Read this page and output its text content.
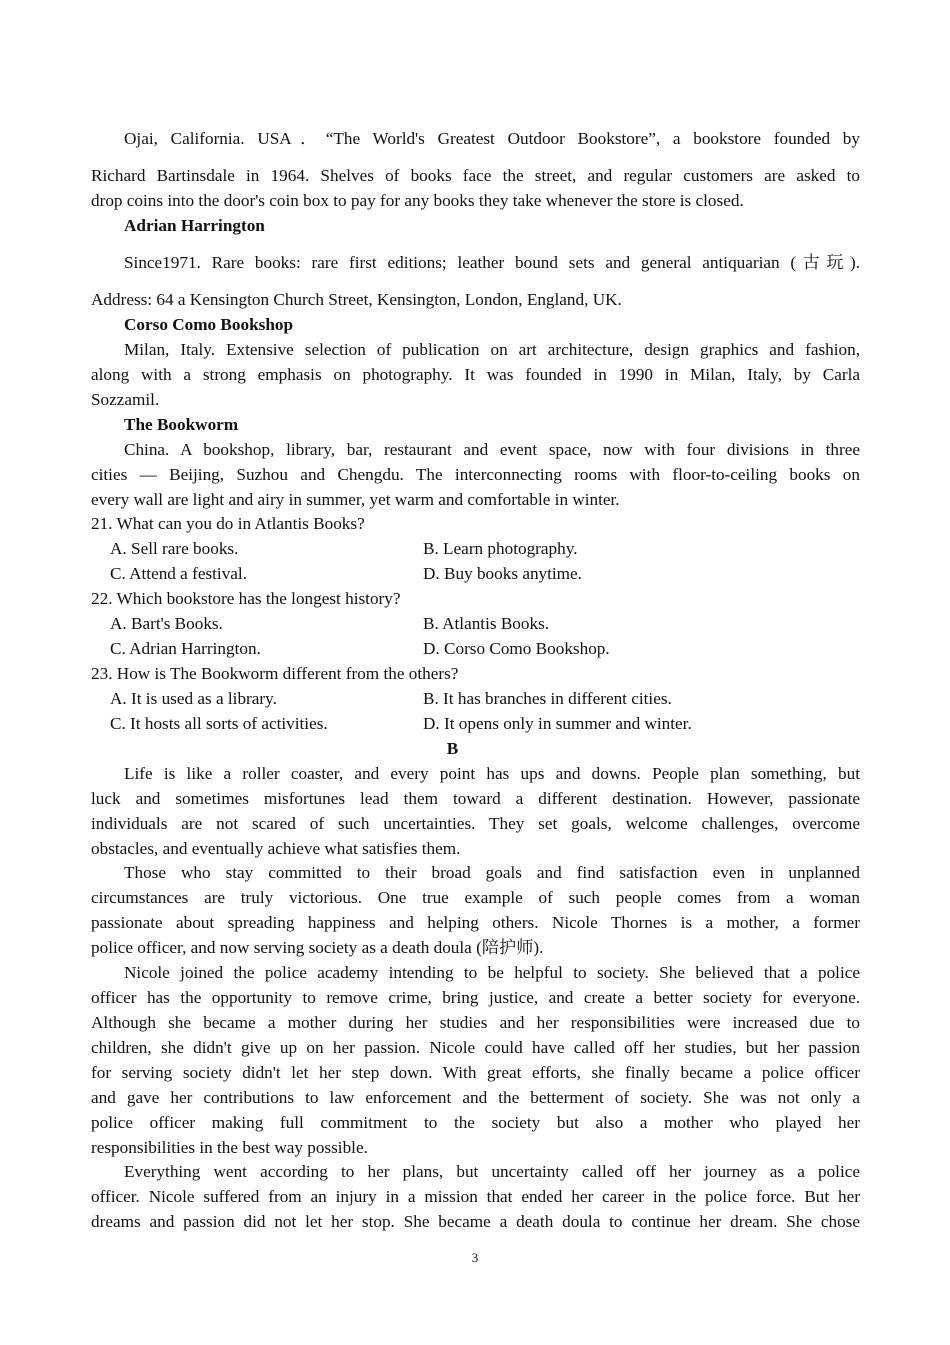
Ojai, California. USA．“The World's Greatest Outdoor Bookstore”, a bookstore founded by
Richard Bartinsdale in 1964. Shelves of books face the street, and regular customers are asked to
drop coins into the door's coin box to pay for any books they take whenever the store is closed.
Adrian Harrington
Since1971. Rare books: rare first editions; leather bound sets and general antiquarian (古玩).
Address: 64 a Kensington Church Street, Kensington, London, England, UK.
Corso Como Bookshop
Milan, Italy. Extensive selection of publication on art architecture, design graphics and fashion,
along with a strong emphasis on photography. It was founded in 1990 in Milan, Italy, by Carla
Sozzamil.
The Bookworm
China. A bookshop, library, bar, restaurant and event space, now with four divisions in three
cities — Beijing, Suzhou and Chengdu. The interconnecting rooms with floor-to-ceiling books on
every wall are light and airy in summer, yet warm and comfortable in winter.
21. What can you do in Atlantis Books?
A. Sell rare books.	B. Learn photography.
C. Attend a festival.	D. Buy books anytime.
22. Which bookstore has the longest history?
A. Bart's Books.	B. Atlantis Books.
C. Adrian Harrington.	D. Corso Como Bookshop.
23. How is The Bookworm different from the others?
A. It is used as a library.	B. It has branches in different cities.
C. It hosts all sorts of activities.	D. It opens only in summer and winter.
B
Life is like a roller coaster, and every point has ups and downs. People plan something, but
luck and sometimes misfortunes lead them toward a different destination. However, passionate
individuals are not scared of such uncertainties. They set goals, welcome challenges, overcome
obstacles, and eventually achieve what satisfies them.
Those who stay committed to their broad goals and find satisfaction even in unplanned
circumstances are truly victorious. One true example of such people comes from a woman
passionate about spreading happiness and helping others. Nicole Thornes is a mother, a former
police officer, and now serving society as a death doula (陪护师).
Nicole joined the police academy intending to be helpful to society. She believed that a police
officer has the opportunity to remove crime, bring justice, and create a better society for everyone.
Although she became a mother during her studies and her responsibilities were increased due to
children, she didn't give up on her passion. Nicole could have called off her studies, but her passion
for serving society didn't let her step down. With great efforts, she finally became a police officer
and gave her contributions to law enforcement and the betterment of society. She was not only a
police officer making full commitment to the society but also a mother who played her
responsibilities in the best way possible.
Everything went according to her plans, but uncertainty called off her journey as a police
officer. Nicole suffered from an injury in a mission that ended her career in the police force. But her
dreams and passion did not let her stop. She became a death doula to continue her dream. She chose
3
